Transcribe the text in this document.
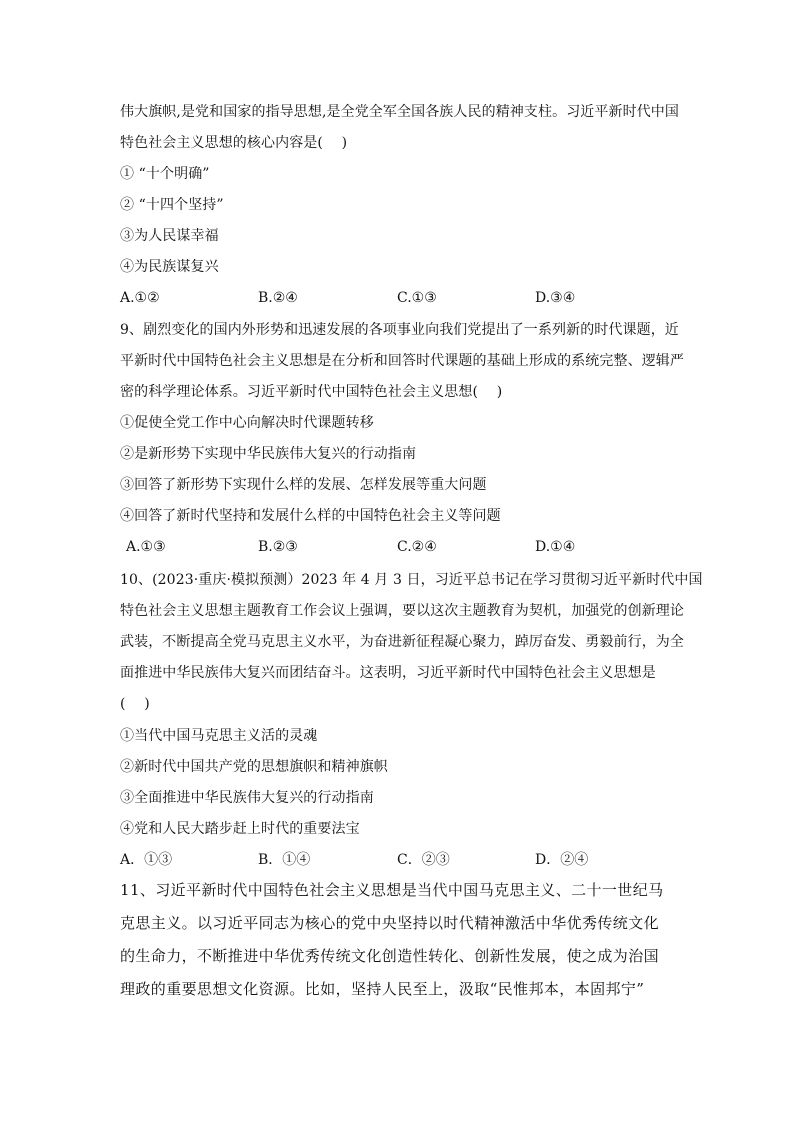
伟大旗帜,是党和国家的指导思想,是全党全军全国各族人民的精神支柱。习近平新时代中国
特色社会主义思想的核心内容是(　 )
① “十个明确”
② “十四个坚持”
③为人民谋幸福
④为民族谋复兴
A.①②	B.②④	C.①③	D.③④
9、剧烈变化的国内外形势和迅速发展的各项事业向我们党提出了一系列新的时代课题，近
平新时代中国特色社会主义思想是在分析和回答时代课题的基础上形成的系统完整、逻辑严
密的科学理论体系。习近平新时代中国特色社会主义思想(　 )
①促使全党工作中心向解决时代课题转移
②是新形势下实现中华民族伟大复兴的行动指南
③回答了新形势下实现什么样的发展、怎样发展等重大问题
④回答了新时代坚持和发展什么样的中国特色社会主义等问题
A.①③	B.②③	C.②④	D.①④
10、(2023·重庆·模拟预测）2023 年 4 月 3 日，习近平总书记在学习贯彻习近平新时代中国
特色社会主义思想主题教育工作会议上强调，要以这次主题教育为契机，加强党的创新理论
武装，不断提高全党马克思主义水平，为奋进新征程凝心聚力，踔厉奋发、勇毅前行，为全
面推进中华民族伟大复兴而团结奋斗。这表明，习近平新时代中国特色社会主义思想是
(　 )
①当代中国马克思主义活的灵魂
②新时代中国共产党的思想旗帜和精神旗帜
③全面推进中华民族伟大复兴的行动指南
④党和人民大踏步赶上时代的重要法宝
A．①③	B．①④	C．②③	D．②④
11、习近平新时代中国特色社会主义思想是当代中国马克思主义、二十一世纪马
克思主义。以习近平同志为核心的党中央坚持以时代精神激活中华优秀传统文化
的生命力，不断推进中华优秀传统文化创造性转化、创新性发展，使之成为治国
理政的重要思想文化资源。比如，坚持人民至上，汲取“民惟邦本，本固邦宁”
